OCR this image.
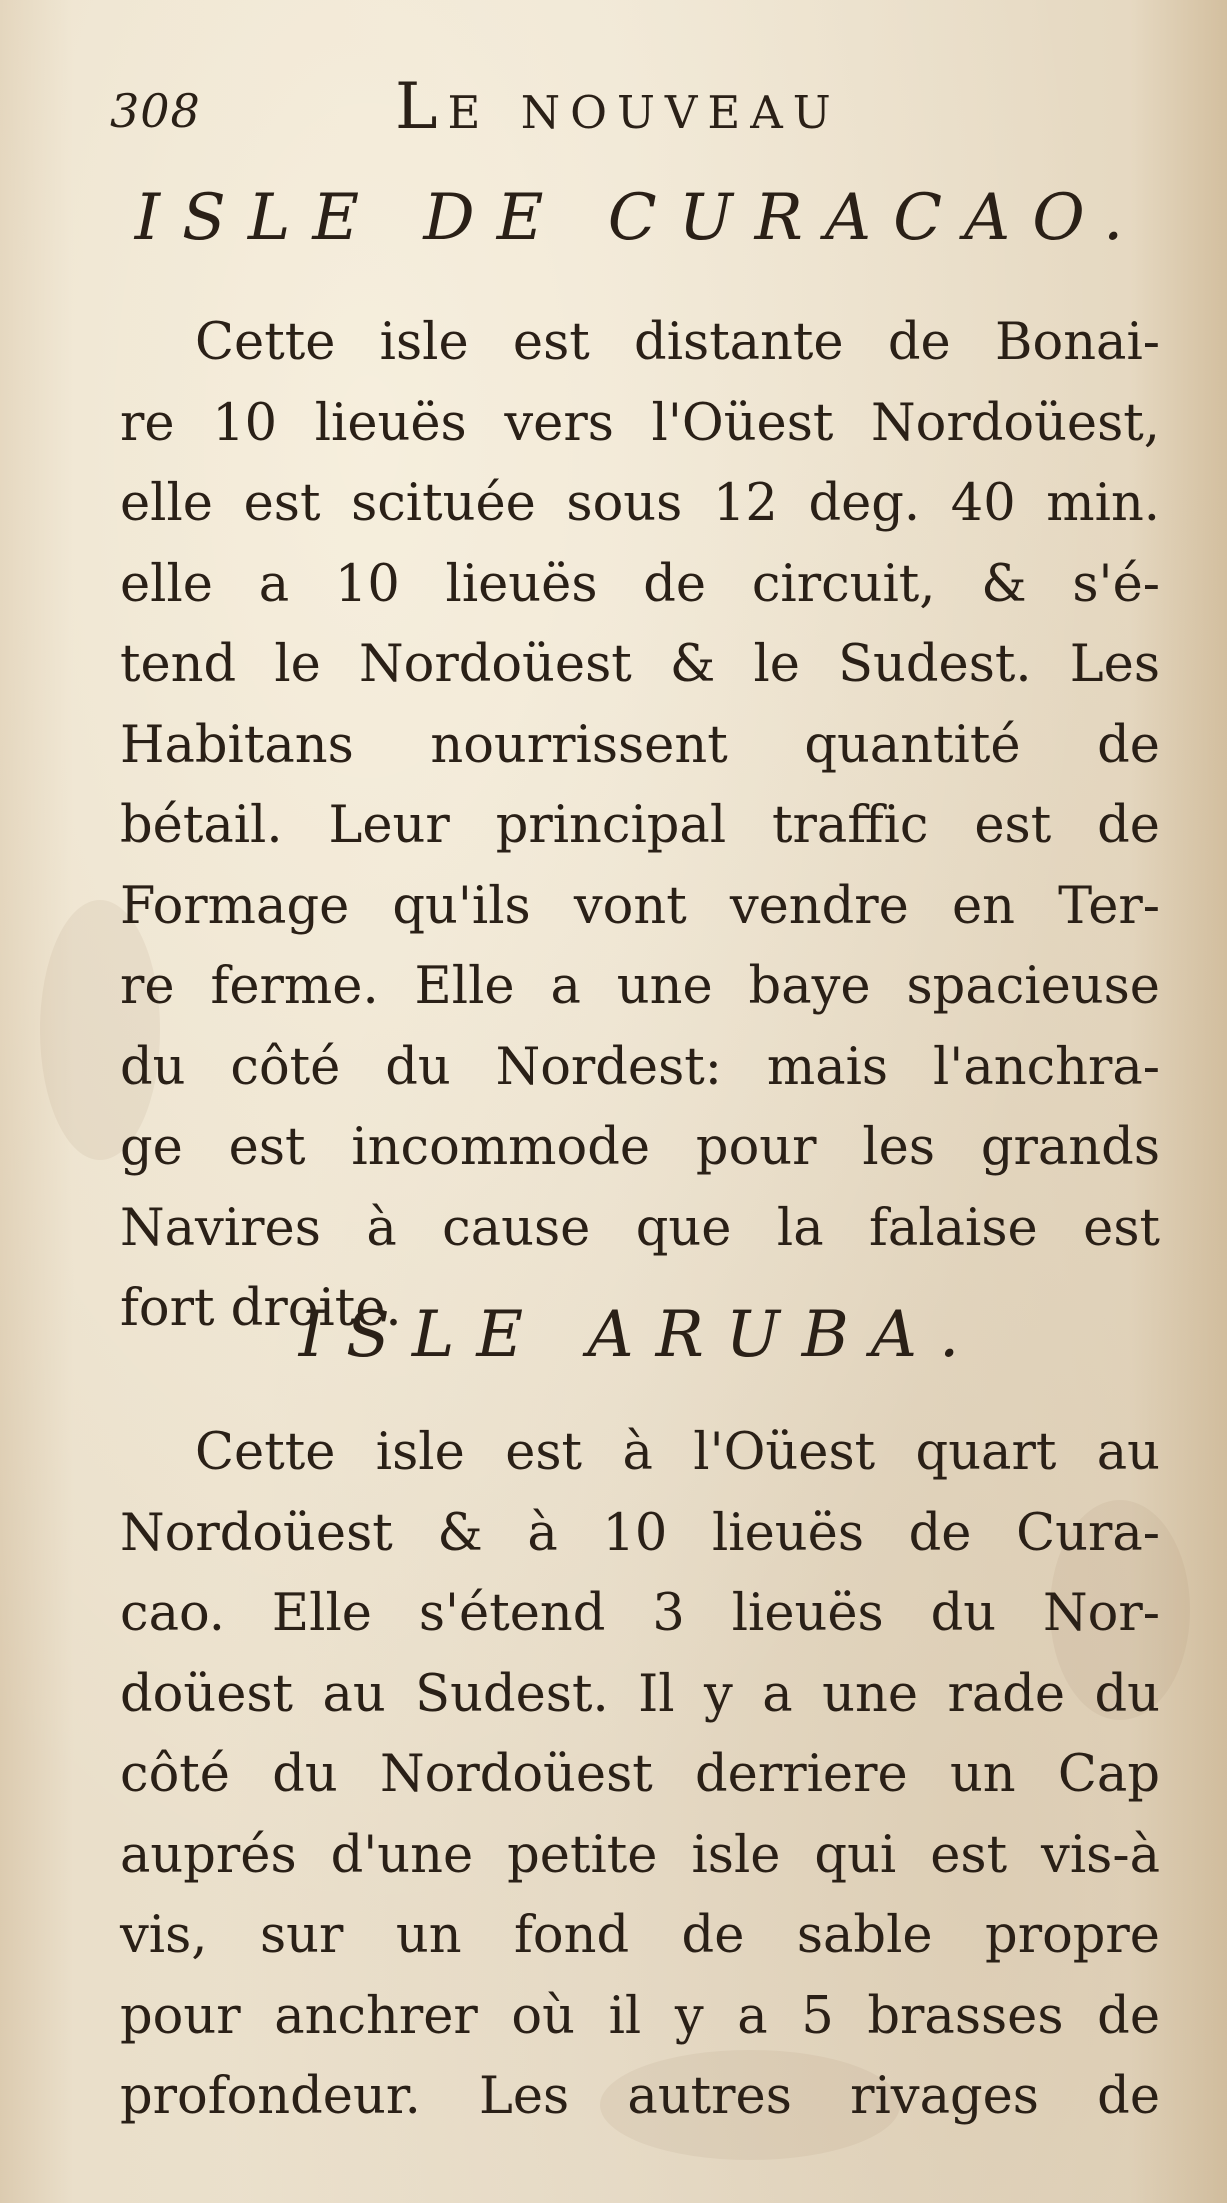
308	Le nouveau
ISLE DE CURACAO.

Cette isle est distante de Bonai-
re 10 lieuës vers l'Oüest Nordoüest,
elle est scituée sous 12 deg. 40 min.
elle a 10 lieuës de circuit, & s'é-
tend le Nordoüest & le Sudest. Les
Habitans nourrissent quantité de
bétail. Leur principal traffic est de
Formage qu'ils vont vendre en Ter-
re ferme. Elle a une baye spacieuse
du côté du Nordest: mais l'anchra-
ge est incommode pour les grands
Navires à cause que la falaise est
fort droite.

ISLE ARUBA.

Cette isle est à l'Oüest quart au
Nordoüest & à 10 lieuës de Cura-
cao. Elle s'étend 3 lieuës du Nor-
doüest au Sudest. Il y a une rade du
côté du Nordoüest derriere un Cap
auprés d'une petite isle qui est vis-à
vis, sur un fond de sable propre
pour anchrer où il y a 5 brasses de
profondeur. Les autres rivages de
